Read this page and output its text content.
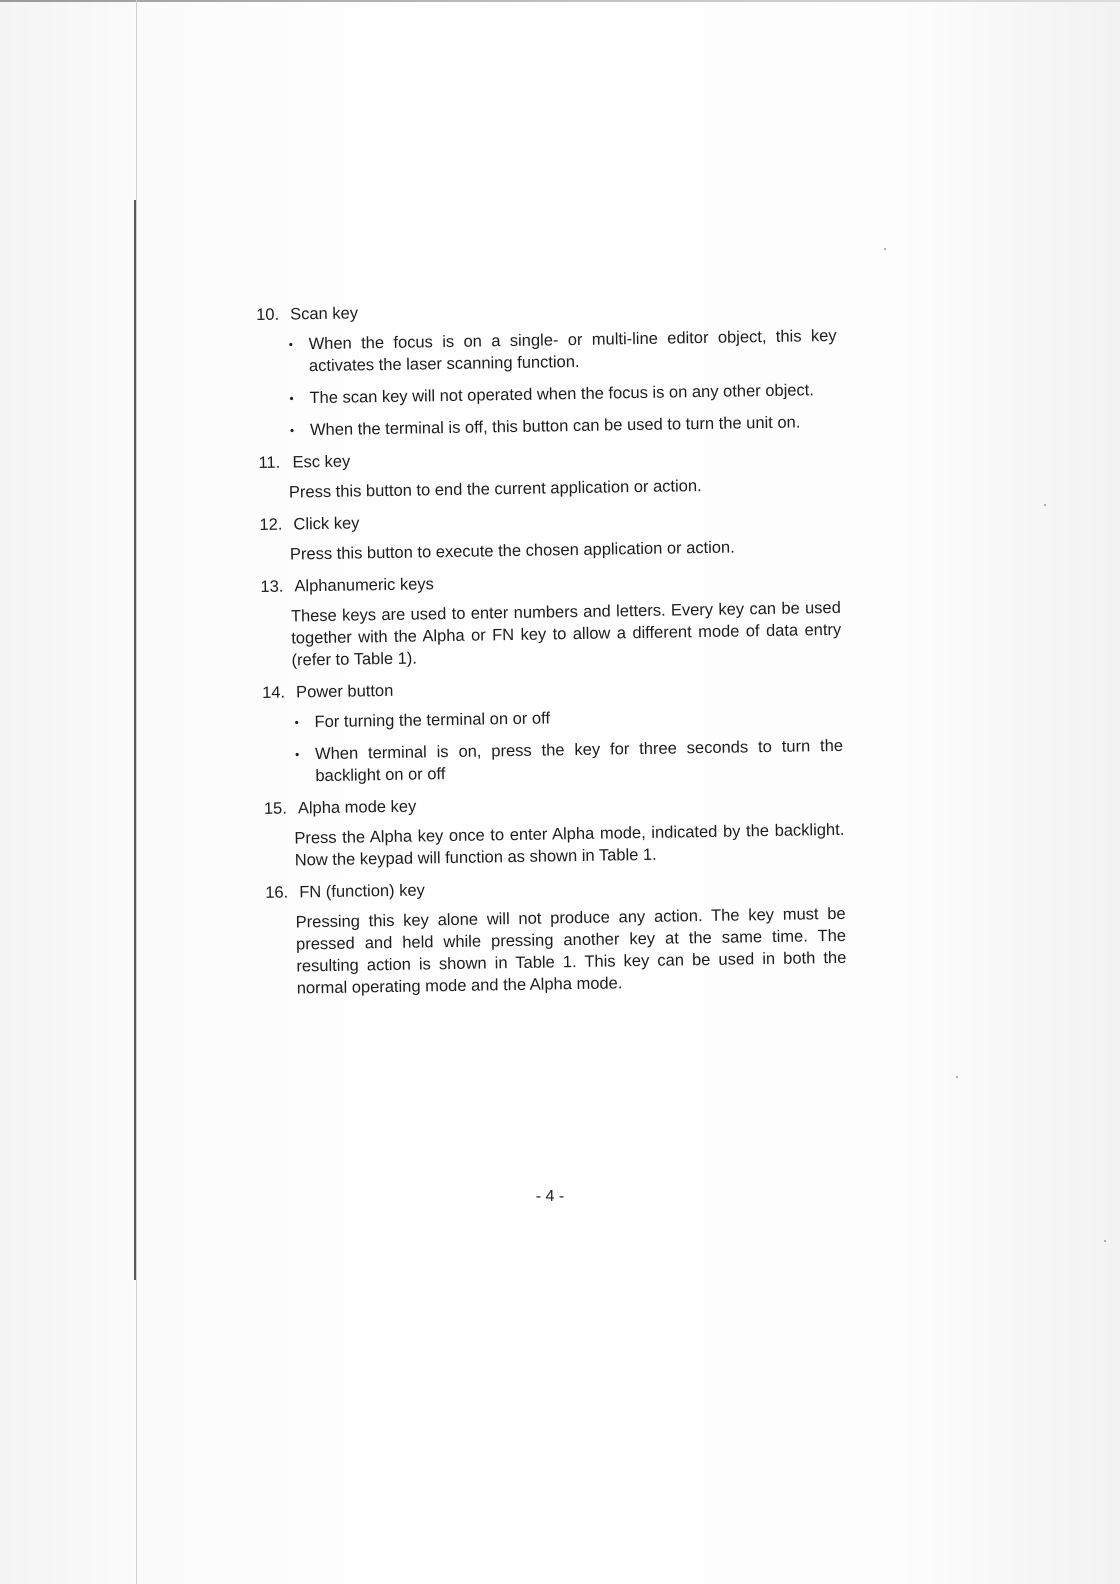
10. Scan key
• When the focus is on a single- or multi-line editor object, this key activates the laser scanning function.
• The scan key will not operated when the focus is on any other object.
• When the terminal is off, this button can be used to turn the unit on.
11. Esc key

Press this button to end the current application or action.

12. Click key

Press this button to execute the chosen application or action.

13. Alphanumeric keys

These keys are used to enter numbers and letters. Every key can be used together with the Alpha or FN key to allow a different mode of data entry (refer to Table 1).

14. Power button
• For turning the terminal on or off
• When terminal is on, press the key for three seconds to turn the backlight on or off
15. Alpha mode key

Press the Alpha key once to enter Alpha mode, indicated by the backlight. Now the keypad will function as shown in Table 1.

16. FN (function) key

Pressing this key alone will not produce any action. The key must be pressed and held while pressing another key at the same time. The resulting action is shown in Table 1. This key can be used in both the normal operating mode and the Alpha mode.

- 4 -
